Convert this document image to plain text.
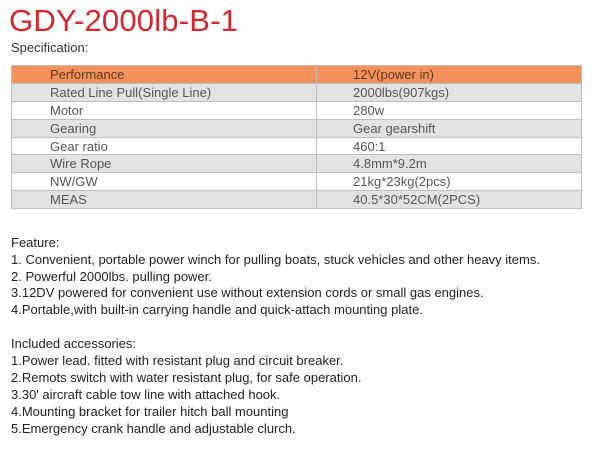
GDY-2000lb-B-1
Specification:
Performance	12V(power in)
Rated Line Pull(Single Line)	2000lbs(907kgs)
Motor	280w
Gearing	Gear gearshift
Gear ratio	460:1
Wire Rope	4.8mm*9.2m
NW/GW	21kg*23kg(2pcs)
MEAS	40.5*30*52CM(2PCS)
Feature:
1. Convenient, portable power winch for pulling boats, stuck vehicles and other heavy items.
2. Powerful 2000lbs. pulling power.
3.12DV powered for convenient use without extension cords or small gas engines.
4.Portable,with built-in carrying handle and quick-attach mounting plate.
Included accessories:
1.Power lead. fitted with resistant plug and circuit breaker.
2.Remots switch with water resistant plug, for safe operation.
3.30' aircraft cable tow line with attached hook.
4.Mounting bracket for trailer hitch ball mounting
5.Emergency crank handle and adjustable clurch.
